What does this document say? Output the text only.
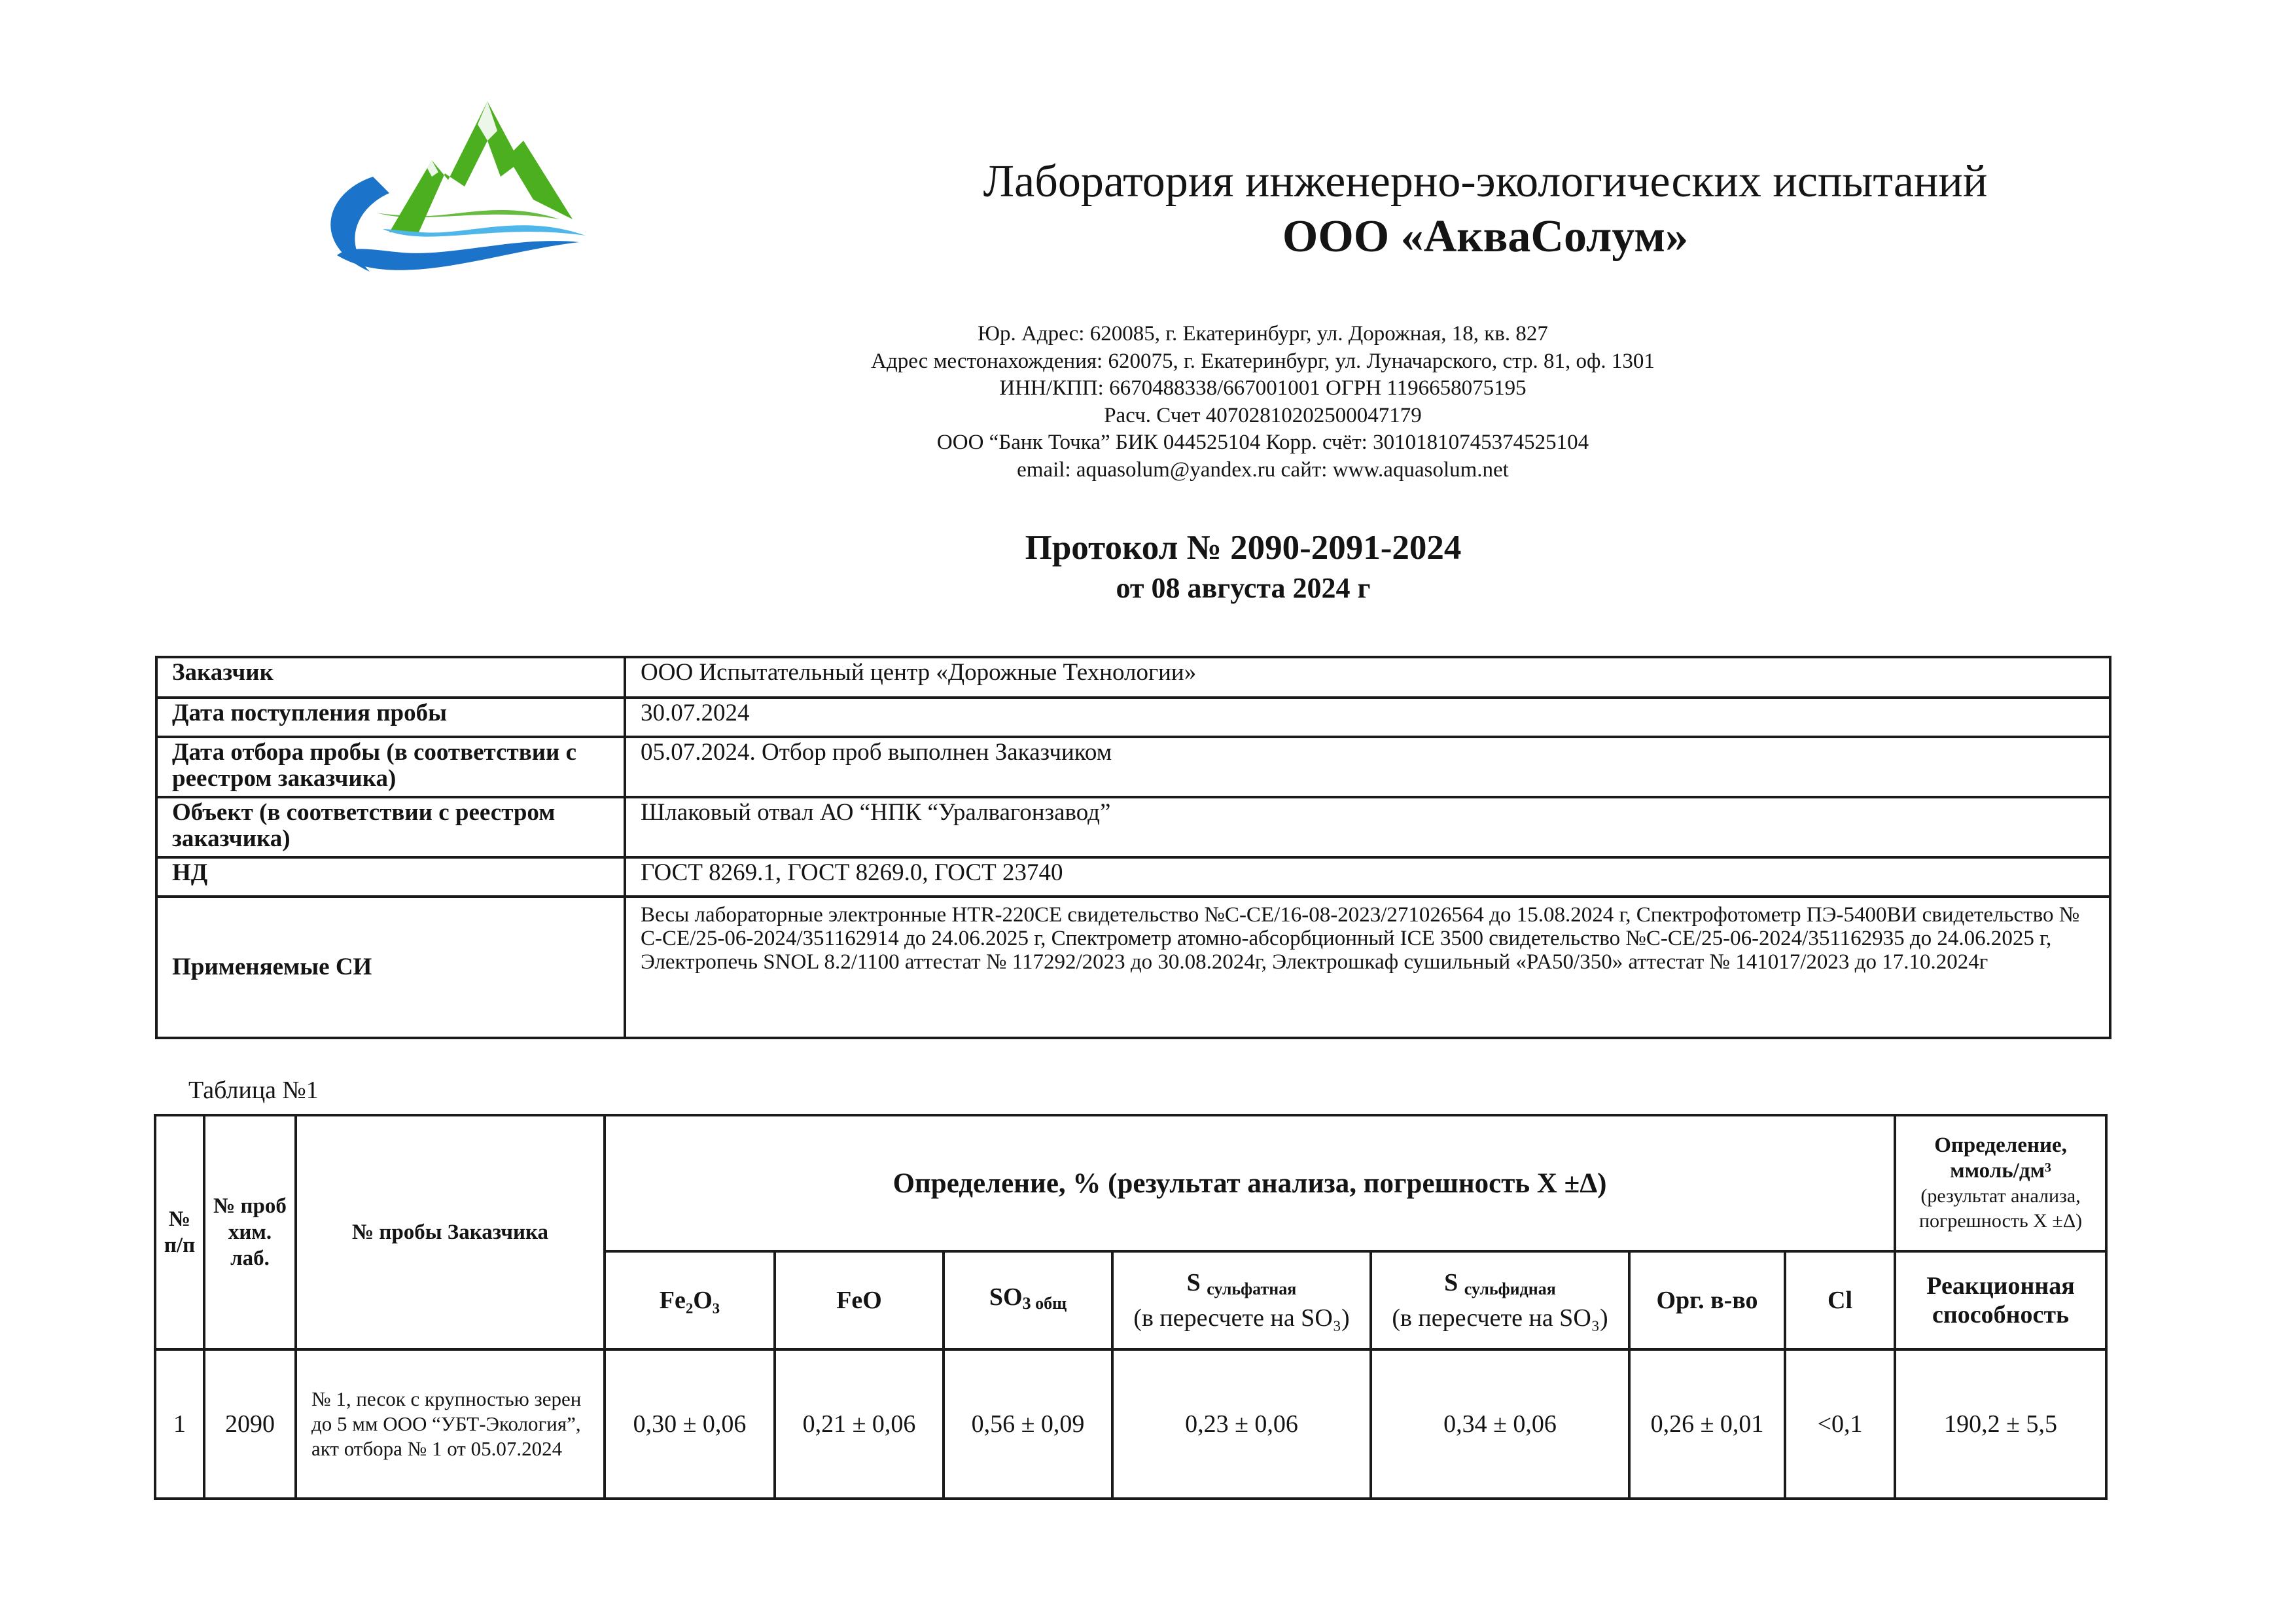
Лаборатория инженерно-экологических испытаний
ООО «АкваСолум»
Юр. Адрес: 620085, г. Екатеринбург, ул. Дорожная, 18, кв. 827
Адрес местонахождения: 620075, г. Екатеринбург, ул. Луначарского, стр. 81, оф. 1301
ИНН/КПП: 6670488338/667001001 ОГРН 1196658075195
Расч. Счет 40702810202500047179
ООО “Банк Точка” БИК 044525104 Корр. счёт: 30101810745374525104
email: aquasolum@yandex.ru сайт: www.aquasolum.net
Протокол № 2090-2091-2024
от 08 августа 2024 г
Заказчик	ООО Испытательный центр «Дорожные Технологии»
Дата поступления пробы	30.07.2024
Дата отбора пробы (в соответствии с реестром заказчика)	05.07.2024. Отбор проб выполнен Заказчиком
Объект (в соответствии с реестром заказчика)	Шлаковый отвал АО “НПК “Уралвагонзавод”
НД	ГОСТ 8269.1, ГОСТ 8269.0, ГОСТ 23740
Применяемые СИ	Весы лабораторные электронные HTR-220CE свидетельство №С-СЕ/16-08-2023/271026564 до 15.08.2024 г, Спектрофотометр ПЭ-5400ВИ свидетельство № С-СЕ/25-06-2024/351162914 до 24.06.2025 г, Спектрометр атомно-абсорбционный ICE 3500 свидетельство №С-СЕ/25-06-2024/351162935 до 24.06.2025 г, Электропечь SNOL 8.2/1100 аттестат № 117292/2023 до 30.08.2024г, Электрошкаф сушильный «PA50/350» аттестат № 141017/2023 до 17.10.2024г
Таблица №1
№ п/п	№ проб хим. лаб.	№ пробы Заказчика	Определение, % (результат анализа, погрешность Х ±Δ)							Определение,
ммоль/дм³
(результат анализа, погрешность Х ±Δ)
			Fe₂O₃	FeO	$SO_{3 общ}$	S $_{сульфатная}$
(в пересчете на SO₃)	S $_{сульфидная}$
(в пересчете на SO₃)	Орг. в-во	Cl	Реакционная способность
1	2090	№ 1, песок с крупностью зерен до 5 мм ООО “УБТ-Экология”, акт отбора № 1 от 05.07.2024	0,30 ± 0,06	0,21 ± 0,06	0,56 ± 0,09	0,23 ± 0,06	0,34 ± 0,06	0,26 ± 0,01	<0,1	190,2 ± 5,5
